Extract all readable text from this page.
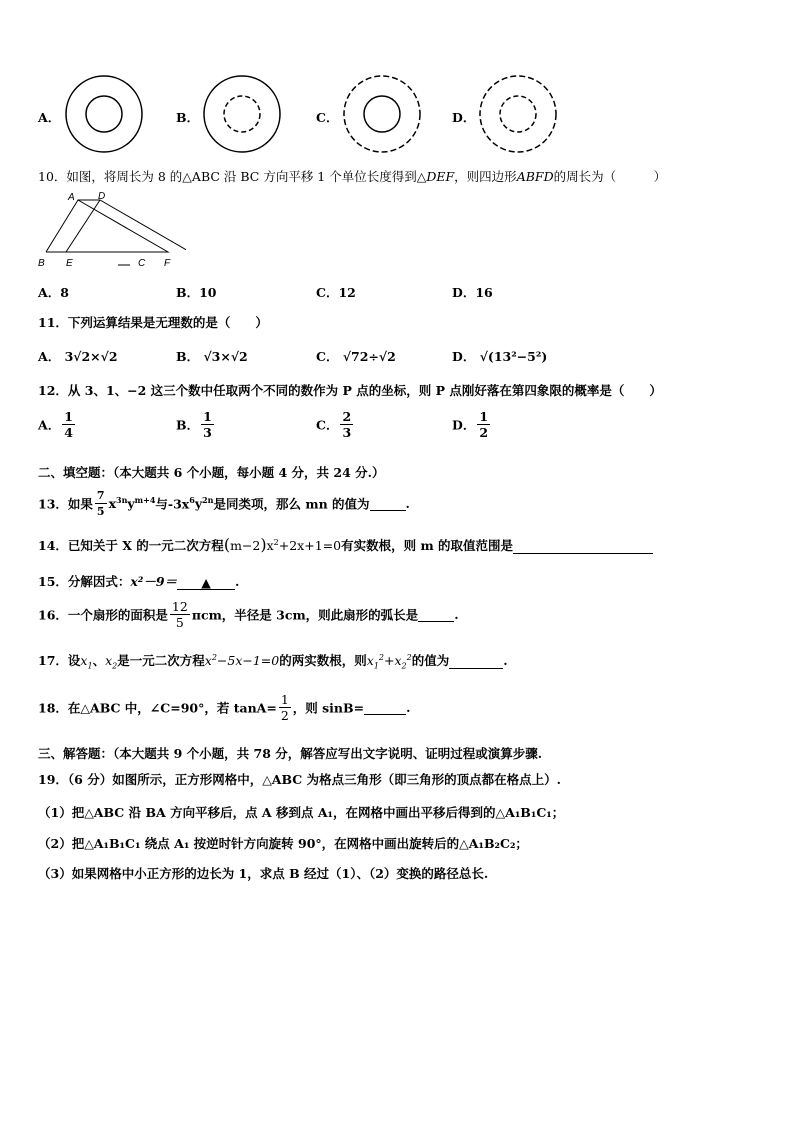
A．	B．	C．	D．
10．如图，将周长为 8 的△ABC 沿 BC 方向平移 1 个单位长度得到△DEF，则四边形ABFD的周长为（　　　）
A D
B E	C F
A．8	B．10	C．12	D．16
11．下列运算结果是无理数的是（　　）
A． 3√2×√2	B． √3×√2	C． √72÷√2	D． √(13²−5²)
12．从 3、1、−2 这三个数中任取两个不同的数作为 P 点的坐标，则 P 点刚好落在第四象限的概率是（　　）
A． $\frac{1}{4}$	B． $\frac{1}{3}$	C． $\frac{2}{3}$	D． $\frac{1}{2}$
二、填空题：（本大题共 6 个小题，每小题 4 分，共 24 分.）
13．如果 $\frac{7}{5} x^{3n}y^{m+4}$与$-3x^6y^{2n}$是同类项，那么 mn 的值为	.
14．已知关于 X 的一元二次方程$(m-2)x^2+2x+1=0$有实数根，则 m 的取值范围是
15．分解因式：x²－9＝ ▲ .
16．一个扇形的面积是 $\frac{12}{5}$ πcm，半径是 3cm，则此扇形的弧长是	.
17．设$x_1$、$x_2$是一元二次方程$x^2-5x-1=0$的两实数根，则$x_1^2+x_2^2$的值为	.
18．在△ABC 中，∠C=90°，若 $\tan A= \frac{1}{2}$ ，则 sinB=	.
三、解答题：（本大题共 9 个小题，共 78 分，解答应写出文字说明、证明过程或演算步骤.
19．（6 分）如图所示，正方形网格中，△ABC 为格点三角形（即三角形的顶点都在格点上）.
（1）把△ABC 沿 BA 方向平移后，点 A 移到点 A₁，在网格中画出平移后得到的△A₁B₁C₁；
（2）把△A₁B₁C₁ 绕点 A₁ 按逆时针方向旋转 90°，在网格中画出旋转后的△A₁B₂C₂；
（3）如果网格中小正方形的边长为 1，求点 B 经过（1）、（2）变换的路径总长.
